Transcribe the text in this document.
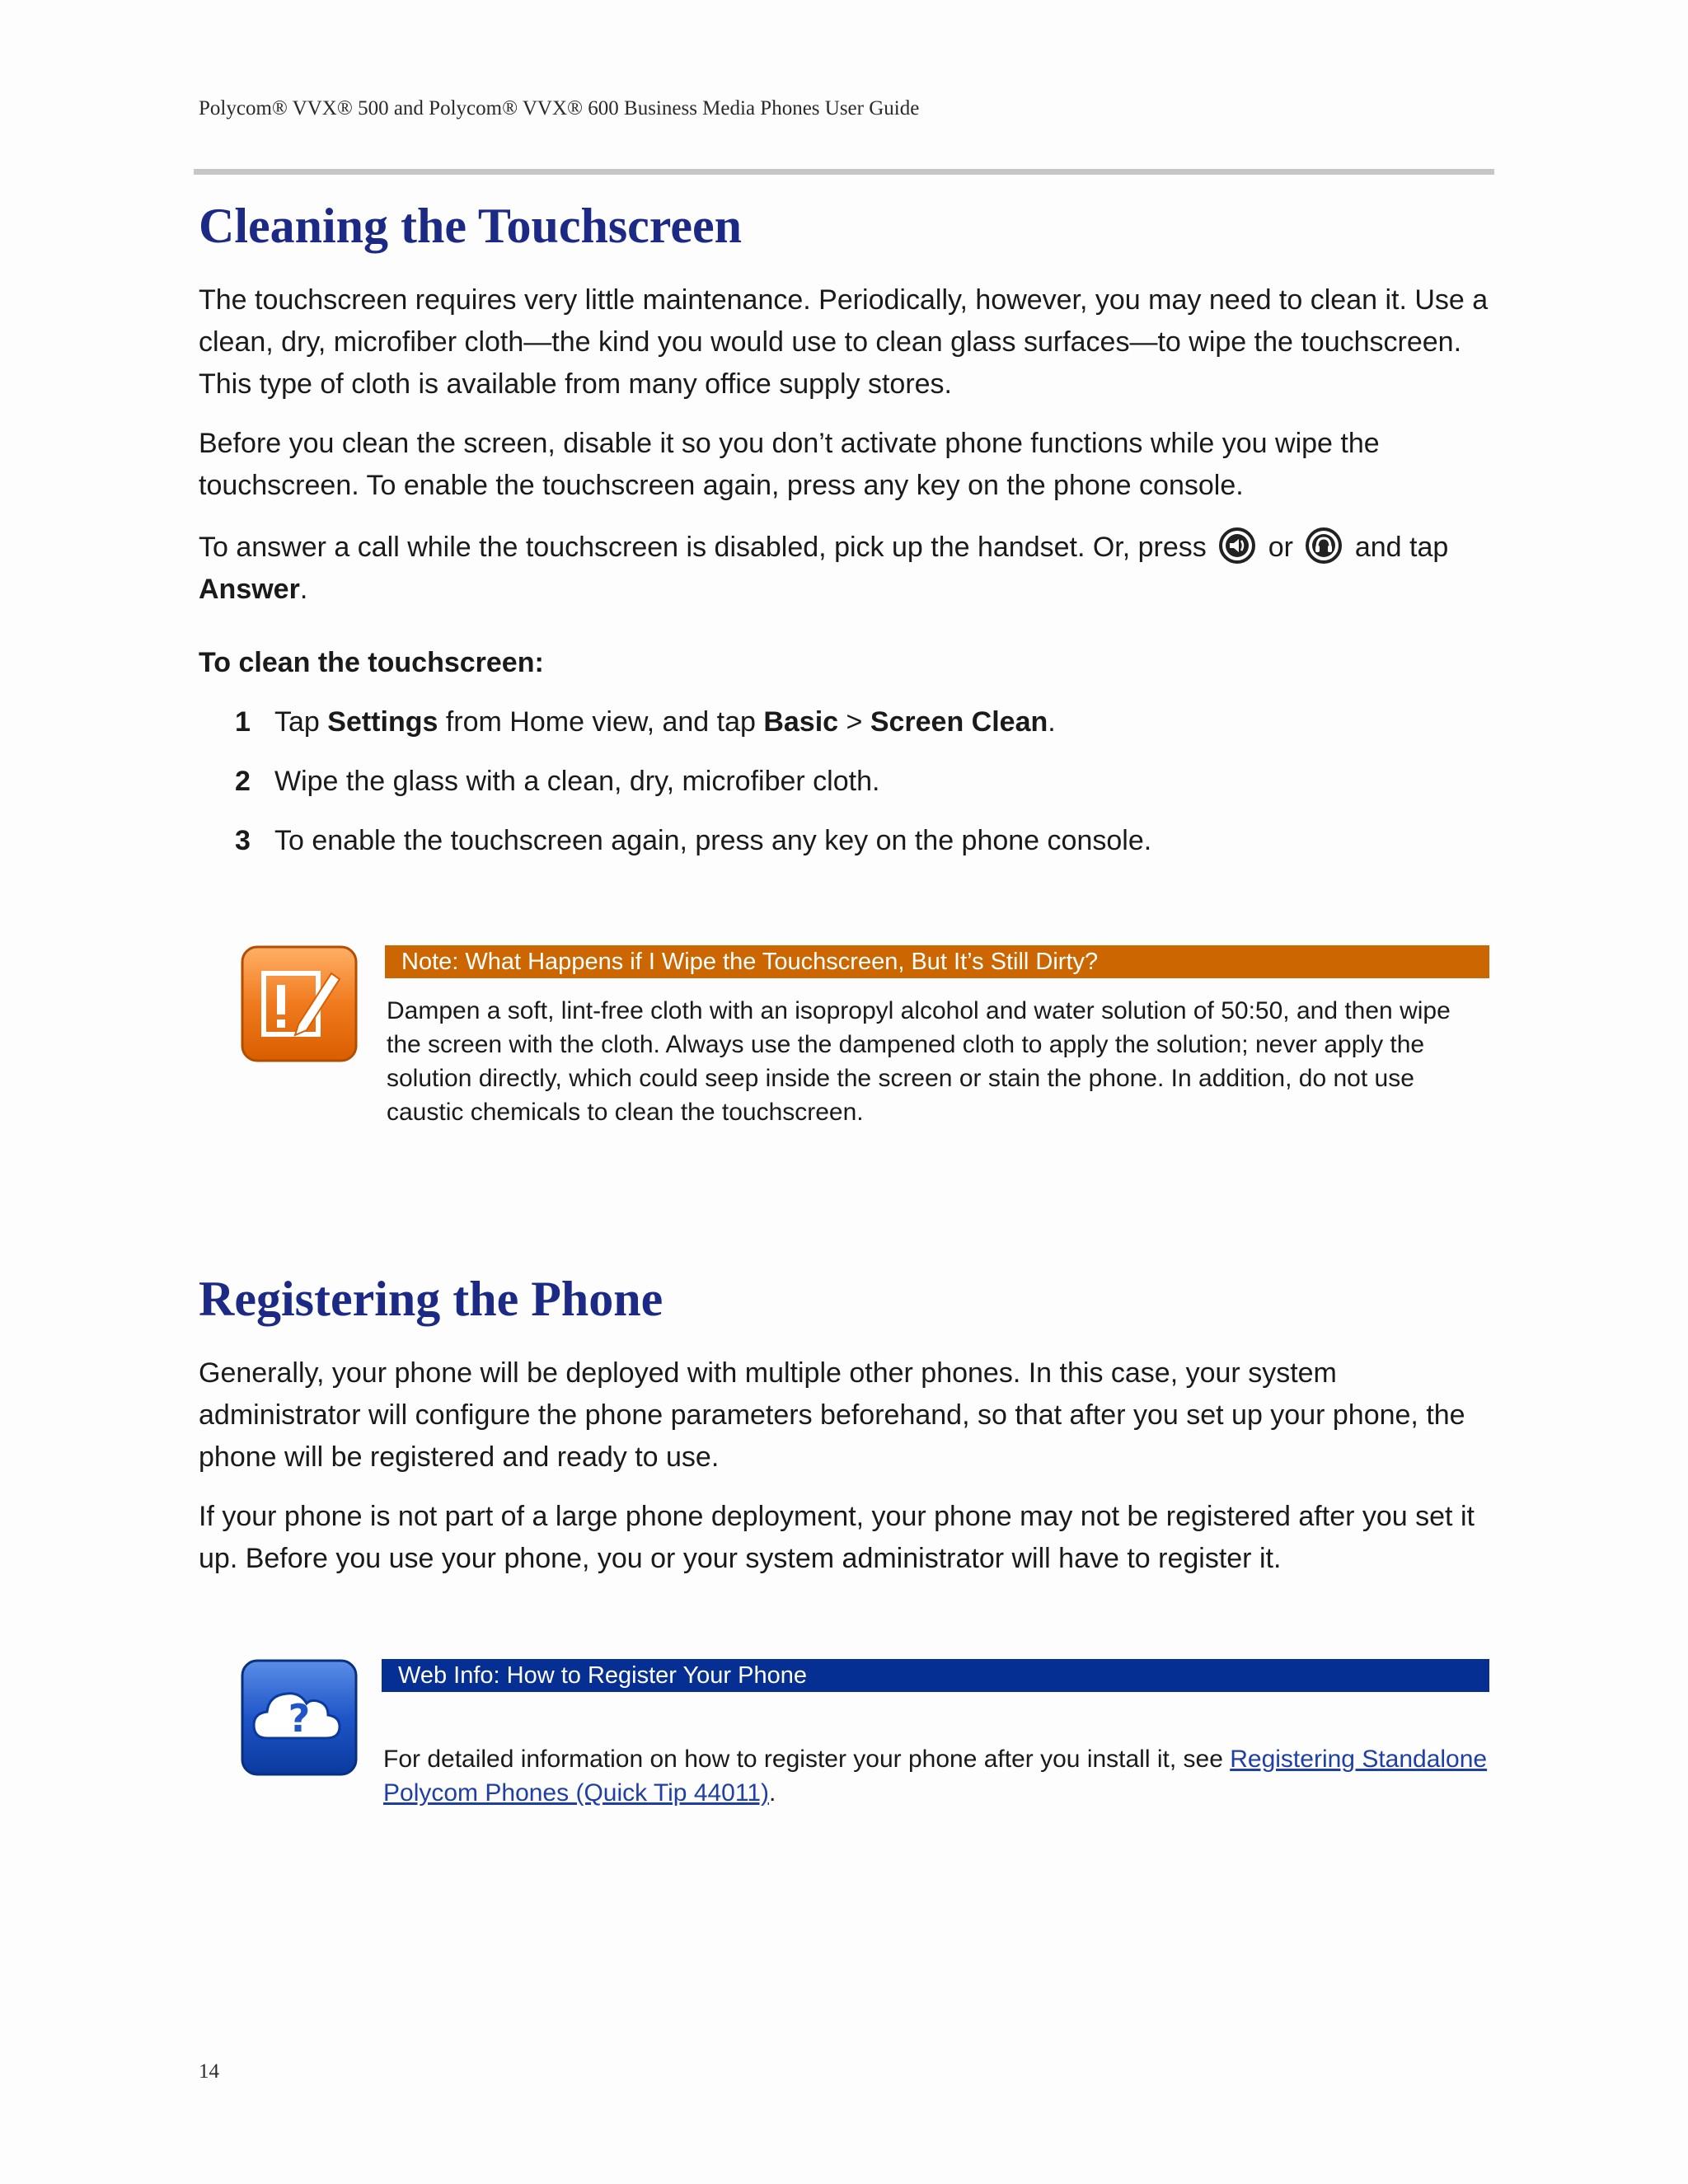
Polycom® VVX® 500 and Polycom® VVX® 600 Business Media Phones User Guide
Cleaning the Touchscreen

The touchscreen requires very little maintenance. Periodically, however, you may need to clean it. Use a clean, dry, microfiber cloth—the kind you would use to clean glass surfaces—to wipe the touchscreen. This type of cloth is available from many office supply stores.

Before you clean the screen, disable it so you don’t activate phone functions while you wipe the touchscreen. To enable the touchscreen again, press any key on the phone console.

To answer a call while the touchscreen is disabled, pick up the handset. Or, press or and tap
Answer.

To clean the touchscreen:

1 Tap Settings from Home view, and tap Basic > Screen Clean.
2 Wipe the glass with a clean, dry, microfiber cloth.
3 To enable the touchscreen again, press any key on the phone console.
Note: What Happens if I Wipe the Touchscreen, But It’s Still Dirty?

Dampen a soft, lint-free cloth with an isopropyl alcohol and water solution of 50:50, and then wipe the screen with the cloth. Always use the dampened cloth to apply the solution; never apply the solution directly, which could seep inside the screen or stain the phone. In addition, do not use caustic chemicals to clean the touchscreen.

Registering the Phone

Generally, your phone will be deployed with multiple other phones. In this case, your system administrator will configure the phone parameters beforehand, so that after you set up your phone, the phone will be registered and ready to use.

If your phone is not part of a large phone deployment, your phone may not be registered after you set it up. Before you use your phone, you or your system administrator will have to register it.

?
Web Info: How to Register Your Phone

For detailed information on how to register your phone after you install it, see Registering Standalone Polycom Phones (Quick Tip 44011).

14
